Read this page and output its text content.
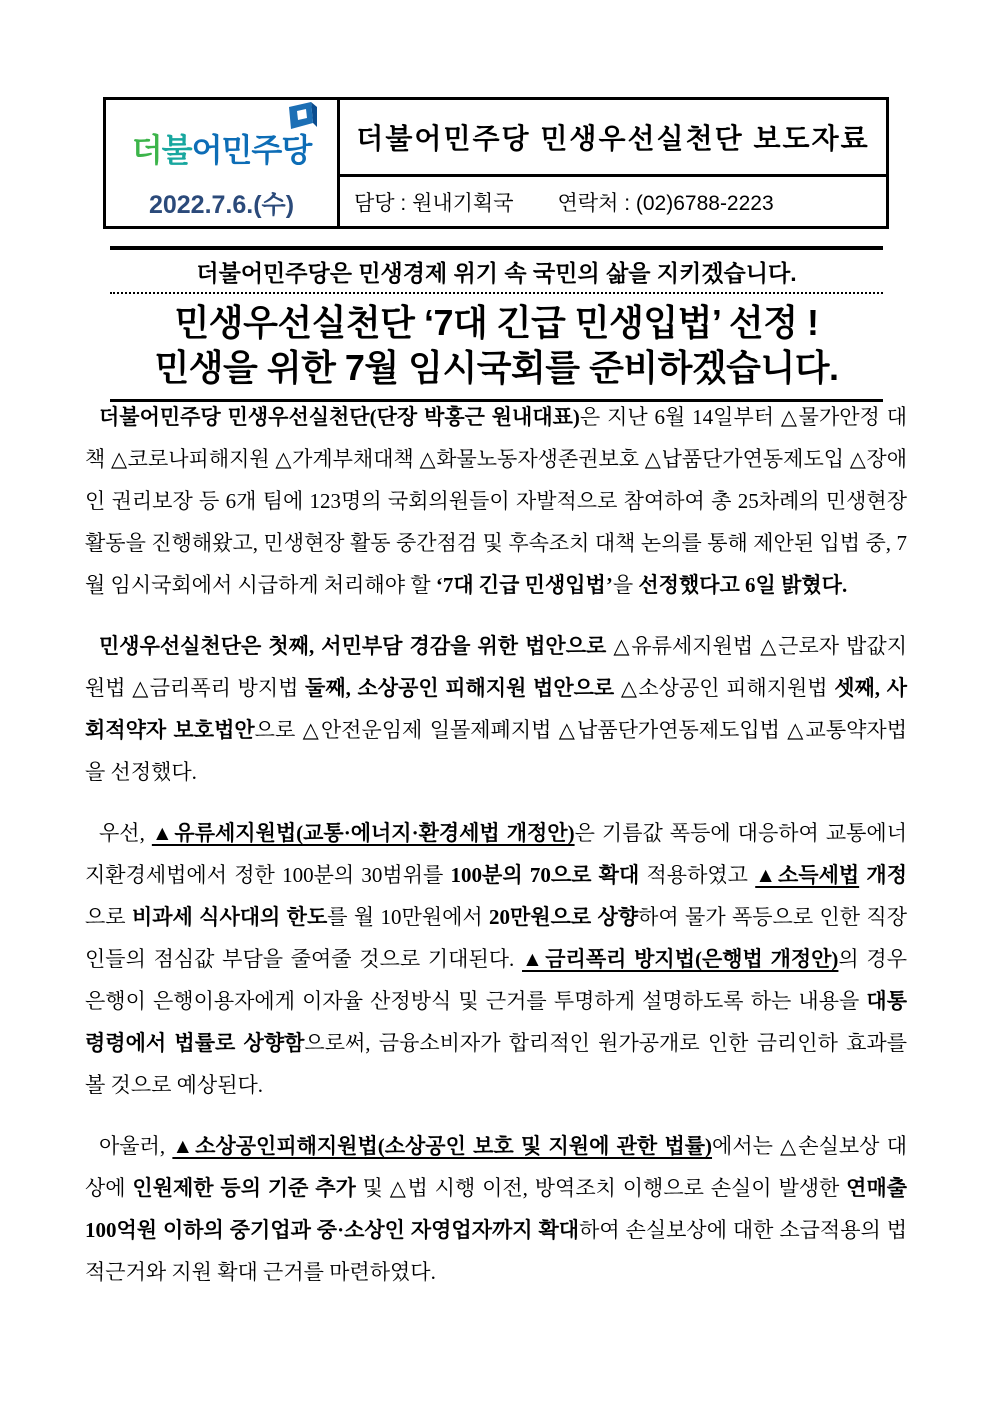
더불어민주당
2022.7.6.(수)
더불어민주당 민생우선실천단 보도자료
담당 : 원내기획국 연락처 : (02)6788-2223
더불어민주당은 민생경제 위기 속 국민의 삶을 지키겠습니다.
민생우선실천단 ‘7대 긴급 민생입법’ 선정 !
민생을 위한 7월 임시국회를 준비하겠습니다.

더불어민주당 민생우선실천단(단장 박홍근 원내대표)은 지난 6월 14일부터 △물가안정 대책 △코로나피해지원 △가계부채대책 △화물노동자생존권보호 △납품단가연동제도입 △장애인 권리보장 등 6개 팀에 123명의 국회의원들이 자발적으로 참여하여 총 25차례의 민생현장 활동을 진행해왔고, 민생현장 활동 중간점검 및 후속조치 대책 논의를 통해 제안된 입법 중, 7월 임시국회에서 시급하게 처리해야 할 ‘7대 긴급 민생입법’을 선정했다고 6일 밝혔다.

민생우선실천단은 첫째, 서민부담 경감을 위한 법안으로 △유류세지원법 △근로자 밥값지원법 △금리폭리 방지법 둘째, 소상공인 피해지원 법안으로 △소상공인 피해지원법 셋째, 사회적약자 보호법안으로 △안전운임제 일몰제폐지법 △납품단가연동제도입법 △교통약자법을 선정했다.

우선, ▲유류세지원법(교통·에너지·환경세법 개정안)은 기름값 폭등에 대응하여 교통에너지환경세법에서 정한 100분의 30범위를 100분의 70으로 확대 적용하였고 ▲소득세법 개정으로 비과세 식사대의 한도를 월 10만원에서 20만원으로 상향하여 물가 폭등으로 인한 직장인들의 점심값 부담을 줄여줄 것으로 기대된다. ▲금리폭리 방지법(은행법 개정안)의 경우 은행이 은행이용자에게 이자율 산정방식 및 근거를 투명하게 설명하도록 하는 내용을 대통령령에서 법률로 상향함으로써, 금융소비자가 합리적인 원가공개로 인한 금리인하 효과를 볼 것으로 예상된다.

아울러, ▲소상공인피해지원법(소상공인 보호 및 지원에 관한 법률)에서는 △손실보상 대상에 인원제한 등의 기준 추가 및 △법 시행 이전, 방역조치 이행으로 손실이 발생한 연매출 100억원 이하의 중기업과 중·소상인 자영업자까지 확대하여 손실보상에 대한 소급적용의 법적근거와 지원 확대 근거를 마련하였다.
